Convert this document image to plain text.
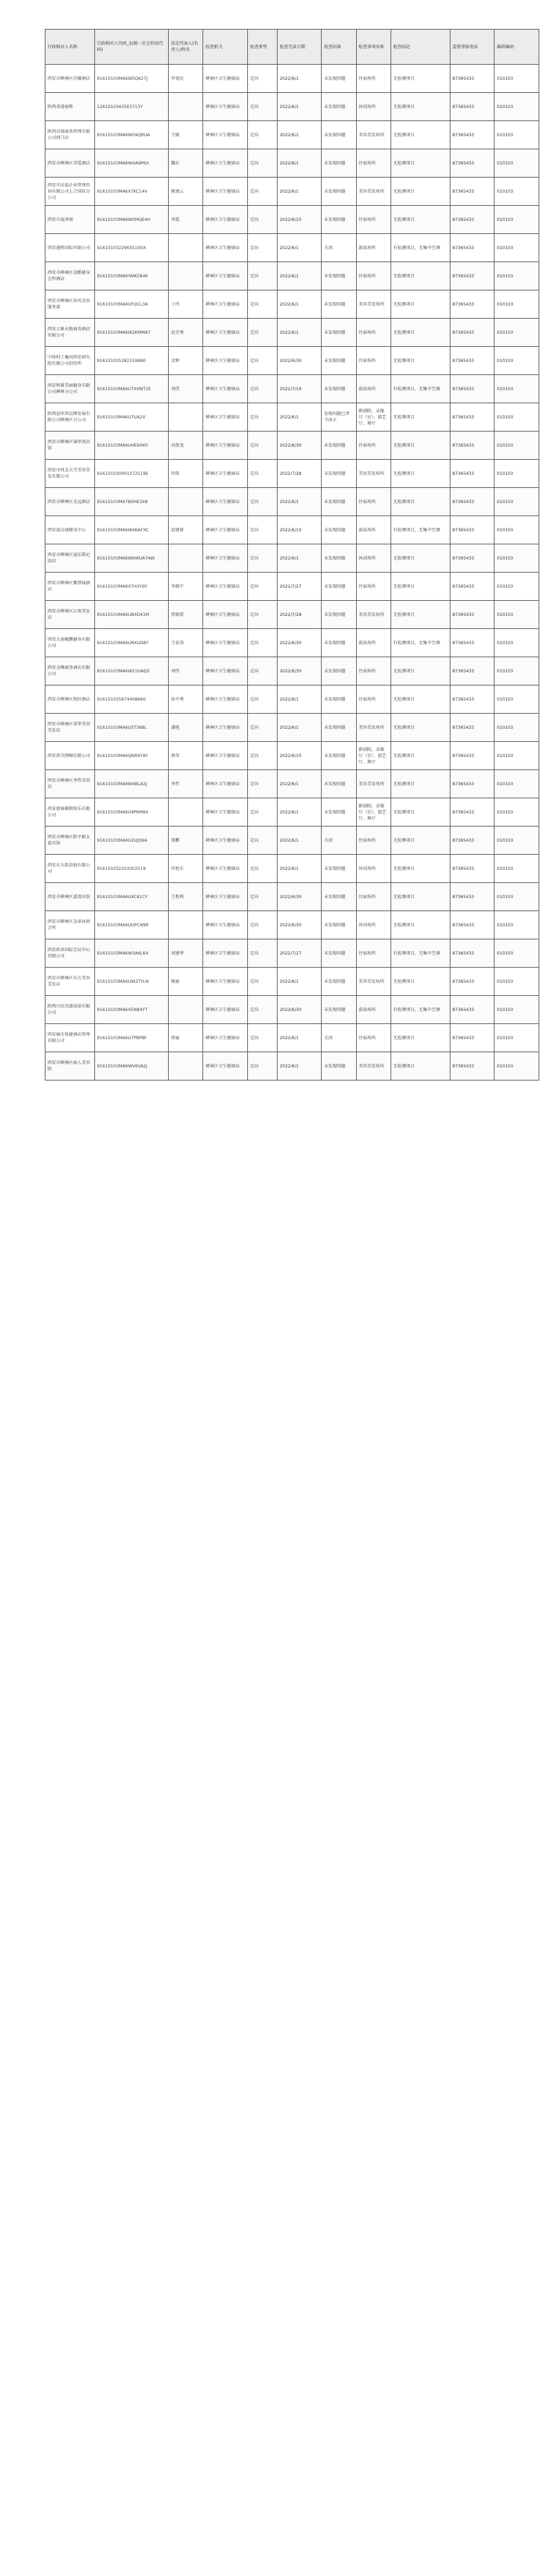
行政相对人名称	行政相对人代码_1(统一社会信用代码)	法定代表人(负责人)姓名	检查机关	检查类型	检查完成日期	检查结果	检查事项名称	检查结论	监督举报电话	邮政编码
西安市碑林区洋藤酒店	91610103MA6W5Q627J	罗更民	碑林区卫生健康局	定向	2022/6/1	未发现问题	住宿场所	无检测项目	87365433	010103
陕西省漫宿栋	12610103435E3713Y		碑林区卫生健康局	定向	2022/6/1	未发现问题	沐浴场所	无检测项目	87365433	010103
陕西君瑞商务管理有限公司西门店	91610103MA6W59QRUA	王晓	碑林区卫生健康局	定向	2022/6/1	未发现问题	美容美发场所	无检测项目	87365433	010103
西安市碑林区荣爱酒店	91610103MA6WXA9P6X	魏东	碑林区卫生健康局	定向	2022/6/1	未发现问题	住宿场所	无检测项目	87365433	010103
西安市民福企业管理咨询有限公司上合国际分公司	91610103MA6X7KC14V	姚建云	碑林区卫生健康局	定向	2022/6/1	未发现问题	美容美发场所	无检测项目	87365433	010103
西安市福泽商	91610103MA6W0MQE4H	李霞	碑林区卫生健康局	定向	2022/6/10	未发现问题	住宿场所	无检测项目	87365433	010103
西安通程国际有限公司	91610103229635100X		碑林区卫生健康局	定向	2022/6/1	关闭	游泳场所	有检测项目，无集中空调	87365433	010103
西安市碑林区喜酷健身会所酒店	91610103MA6YAMZ846		碑林区卫生健康局	定向	2022/6/1	未发现问题	住宿场所	无检测项目	87365433	010103
西安市碑林区沐风美容服务部	91610103MA6UFQCL3A	丁玲	碑林区卫生健康局	定向	2022/6/1	未发现问题	美容美发场所	无检测项目	87365433	010103
西安万象天地商务酒店有限公司	91610103MA6W2KMMA7	赵青秀	碑林区卫生健康局	定向	2022/6/1	未发现问题	住宿场所	无检测项目	87365433	010103
中铁科工集团西安研究院有限公司招待所	916101035282159880	金辉	碑林区卫生健康局	定向	2022/6/30	未发现问题	住宿场所	无检测项目	87365433	010103
西安和圆美丽健身有限公司碑林分公司	91610103MA6UTXHNT2E	刘伟	碑林区卫生健康局	定向	2022/7/19	未发现问题	游泳场所	有检测项目，无集中空调	87365433	010103
陕西赵世坝品牌发展有限公司碑林区分公司	91610103MA6U7UA2V		碑林区卫生健康局	定向	2022/6/1	发现问题已责令改正	影剧院、录像厅（室）、游艺厅、舞厅	无检测项目	87365433	010103
西安市碑林区锦华苑宾馆	91610103MA6UHE9XK0	高俊龙	碑林区卫生健康局	定向	2022/6/30	未发现问题	住宿场所	无检测项目	87365433	010103
西安市西北大学美容美发有限公司	916101030001372519E	许阳	碑林区卫生健康局	定向	2022/7/28	未发现问题	美容美发场所	无检测项目	87365433	010103
西安市碑林区光远酒店	91610103MA7B0HE3X8		碑林区卫生健康局	定向	2022/6/1	未发现问题	住宿场所	无检测项目	87365433	010103
西安福贞康健身中心	91610103MA6W4BAFXC	赵建新	碑林区卫生健康局	定向	2022/6/10	未发现问题	游泳场所	有检测项目，无集中空调	87365433	010103
西安市碑林区福乐斯足浴店	91610103MA6W6WUA7AW		碑林区卫生健康局	定向	2022/6/1	未发现问题	沐浴场所	无检测项目	87365433	010103
西安市碑林区紫禁城酒店	91610103MA6X7H3Y9Y	李晓宁	碑林区卫生健康局	定向	2022/7/27	未发现问题	住宿场所	无检测项目	87365433	010103
西安市碑林区江南美发店	91610103MA6UB4D41M	贾晓雷	碑林区卫生健康局	定向	2022/7/28	未发现问题	美容美发场所	无检测项目	87365433	010103
西安大唐鲲鹏健身有限公司	91610103MA6URXUD8Y	王宏涛	碑林区卫生健康局	定向	2022/6/30	未发现问题	游泳场所	有检测项目，无集中空调	87365433	010103
西安金樽商务酒店有限公司	91610103MA6W21HAQ5	刘伟	碑林区卫生健康局	定向	2022/6/30	未发现问题	住宿场所	无检测项目	87365433	010103
西安市碑林区悦轩酒店	916101035674408660	侯中秀	碑林区卫生健康局	定向	2022/6/1	未发现问题	住宿场所	无检测项目	87365433	010103
西安市碑林区翠华美容美发店	91610103MA6UST368L	潘艳	碑林区卫生健康局	定向	2022/6/1	未发现问题	美容美发场所	无检测项目	87365433	010103
西安雷音网咖有限公司	91610103MA6QNR9Y8Y	郭荣	碑林区卫生健康局	定向	2022/6/10	未发现问题	影剧院、录像厅（室）、游艺厅、舞厅	无检测项目	87365433	010103
西安市碑林区李哲美容店	91610103MA6W4BLA2J	李哲	碑林区卫生健康局	定向	2022/6/1	未发现问题	美容美发场所	无检测项目	87365433	010103
西安新城棋牌娱乐有限公司	91610103MA6U9P6M9X		碑林区卫生健康局	定向	2022/6/1	未发现问题	影剧院、录像厅（室）、游艺厅、舞厅	无检测项目	87365433	010103
西安市碑林区和平路友谊宾馆	91610103MA6U2UJQ9A	郑鹏	碑林区卫生健康局	定向	2022/6/1	关闭	住宿场所	无检测项目	87365433	010103
西安东大街浴池有限公司	916101032203302519	许旭东	碑林区卫生健康局	定向	2022/6/1	未发现问题	沐浴场所	无检测项目	87365433	010103
西安市碑林区蓝湾宾馆	91610103MA6UXC81CY	王胜利	碑林区卫生健康局	定向	2022/6/30	未发现问题	住宿场所	无检测项目	87365433	010103
西安市碑林区金诺休闲会所	91610103MA6UGPCN9R		碑林区卫生健康局	定向	2022/6/30	未发现问题	沐浴场所	无检测项目	87365433	010103
西安欧亚国际会议中心有限公司	91610103MA6W3A6LK4	刘建华	碑林区卫生健康局	定向	2022/7/27	未发现问题	住宿场所	有检测项目，无集中空调	87365433	010103
西安市碑林区东方美容美发店	91610103MA6UW2TYLN	杨丽	碑林区卫生健康局	定向	2022/6/1	未发现问题	美容美发场所	无检测项目	87365433	010103
陕西兴庆宫游泳馆有限公司	91610103MA6X5NB4YT		碑林区卫生健康局	定向	2022/6/30	未发现问题	游泳场所	有检测项目，无集中空调	87365433	010103
西安城市快捷酒店管理有限公司	91610103MA6U7PBP8F	徐丽	碑林区卫生健康局	定向	2022/6/1	关闭	住宿场所	无检测项目	87365433	010103
西安市碑林区丽人美容院	91610103MA6WV6VA2J		碑林区卫生健康局	定向	2022/6/1	未发现问题	美容美发场所	无检测项目	87365433	010103
